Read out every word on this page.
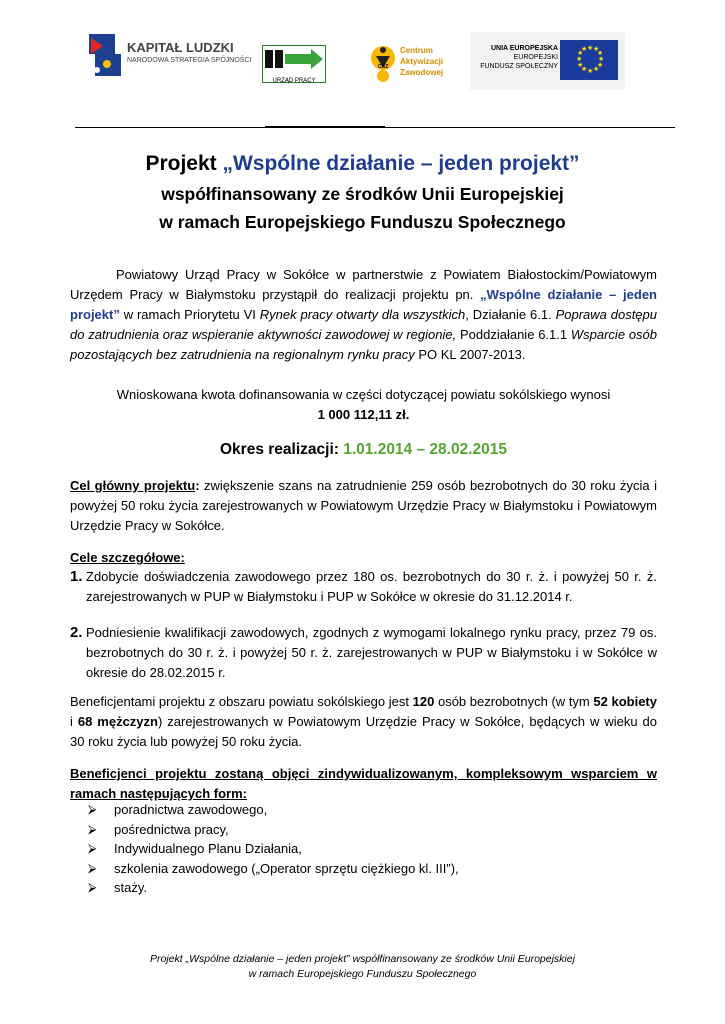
KAPITAŁ LUDZKI
NARODOWA STRATEGIA SPÓJNOŚCI
URZĄD PRACY
CAZ
Centrum
Aktywizacji
Zawodowej
UNIA EUROPEJSKA
EUROPEJSKI
FUNDUSZ SPOŁECZNY
★ ★
★
★
★
★
★
★
★
★
★
★
Projekt „Wspólne działanie – jeden projekt”
współfinansowany ze środków Unii Europejskiej
w ramach Europejskiego Funduszu Społecznego
Powiatowy Urząd Pracy w Sokółce w partnerstwie z Powiatem Białostockim/Powiatowym Urzędem Pracy w Białymstoku przystąpił do realizacji projektu pn. „Wspólne działanie – jeden projekt” w ramach Priorytetu VI Rynek pracy otwarty dla wszystkich, Działanie 6.1. Poprawa dostępu do zatrudnienia oraz wspieranie aktywności zawodowej w regionie, Poddziałanie 6.1.1 Wsparcie osób pozostających bez zatrudnienia na regionalnym rynku pracy PO KL 2007-2013.
Wnioskowana kwota dofinansowania w części dotyczącej powiatu sokólskiego wynosi
1 000 112,11 zł.
Okres realizacji: 1.01.2014 – 28.02.2015
Cel główny projektu: zwiększenie szans na zatrudnienie 259 osób bezrobotnych do 30 roku życia i powyżej 50 roku życia zarejestrowanych w Powiatowym Urzędzie Pracy w Białymstoku i Powiatowym Urzędzie Pracy w Sokółce.
Cele szczegółowe:
1. Zdobycie doświadczenia zawodowego przez 180 os. bezrobotnych do 30 r. ż. i powyżej 50 r. ż. zarejestrowanych w PUP w Białymstoku i PUP w Sokółce w okresie do 31.12.2014 r.
2. Podniesienie kwalifikacji zawodowych, zgodnych z wymogami lokalnego rynku pracy, przez 79 os. bezrobotnych do 30 r. ż. i powyżej 50 r. ż. zarejestrowanych w PUP w Białymstoku i w Sokółce w okresie do 28.02.2015 r.
Beneficjentami projektu z obszaru powiatu sokólskiego jest 120 osób bezrobotnych (w tym 52 kobiety i 68 mężczyzn) zarejestrowanych w Powiatowym Urzędzie Pracy w Sokółce, będących w wieku do 30 roku życia lub powyżej 50 roku życia.
Beneficjenci projektu zostaną objęci zindywidualizowanym, kompleksowym wsparciem w ramach następujących form:
⮚ poradnictwa zawodowego,
⮚ pośrednictwa pracy,
⮚ Indywidualnego Planu Działania,
⮚ szkolenia zawodowego („Operator sprzętu ciężkiego kl. III”),
⮚ staży.
Projekt „Wspólne działanie – jeden projekt” współfinansowany ze środków Unii Europejskiej
w ramach Europejskiego Funduszu Społecznego
